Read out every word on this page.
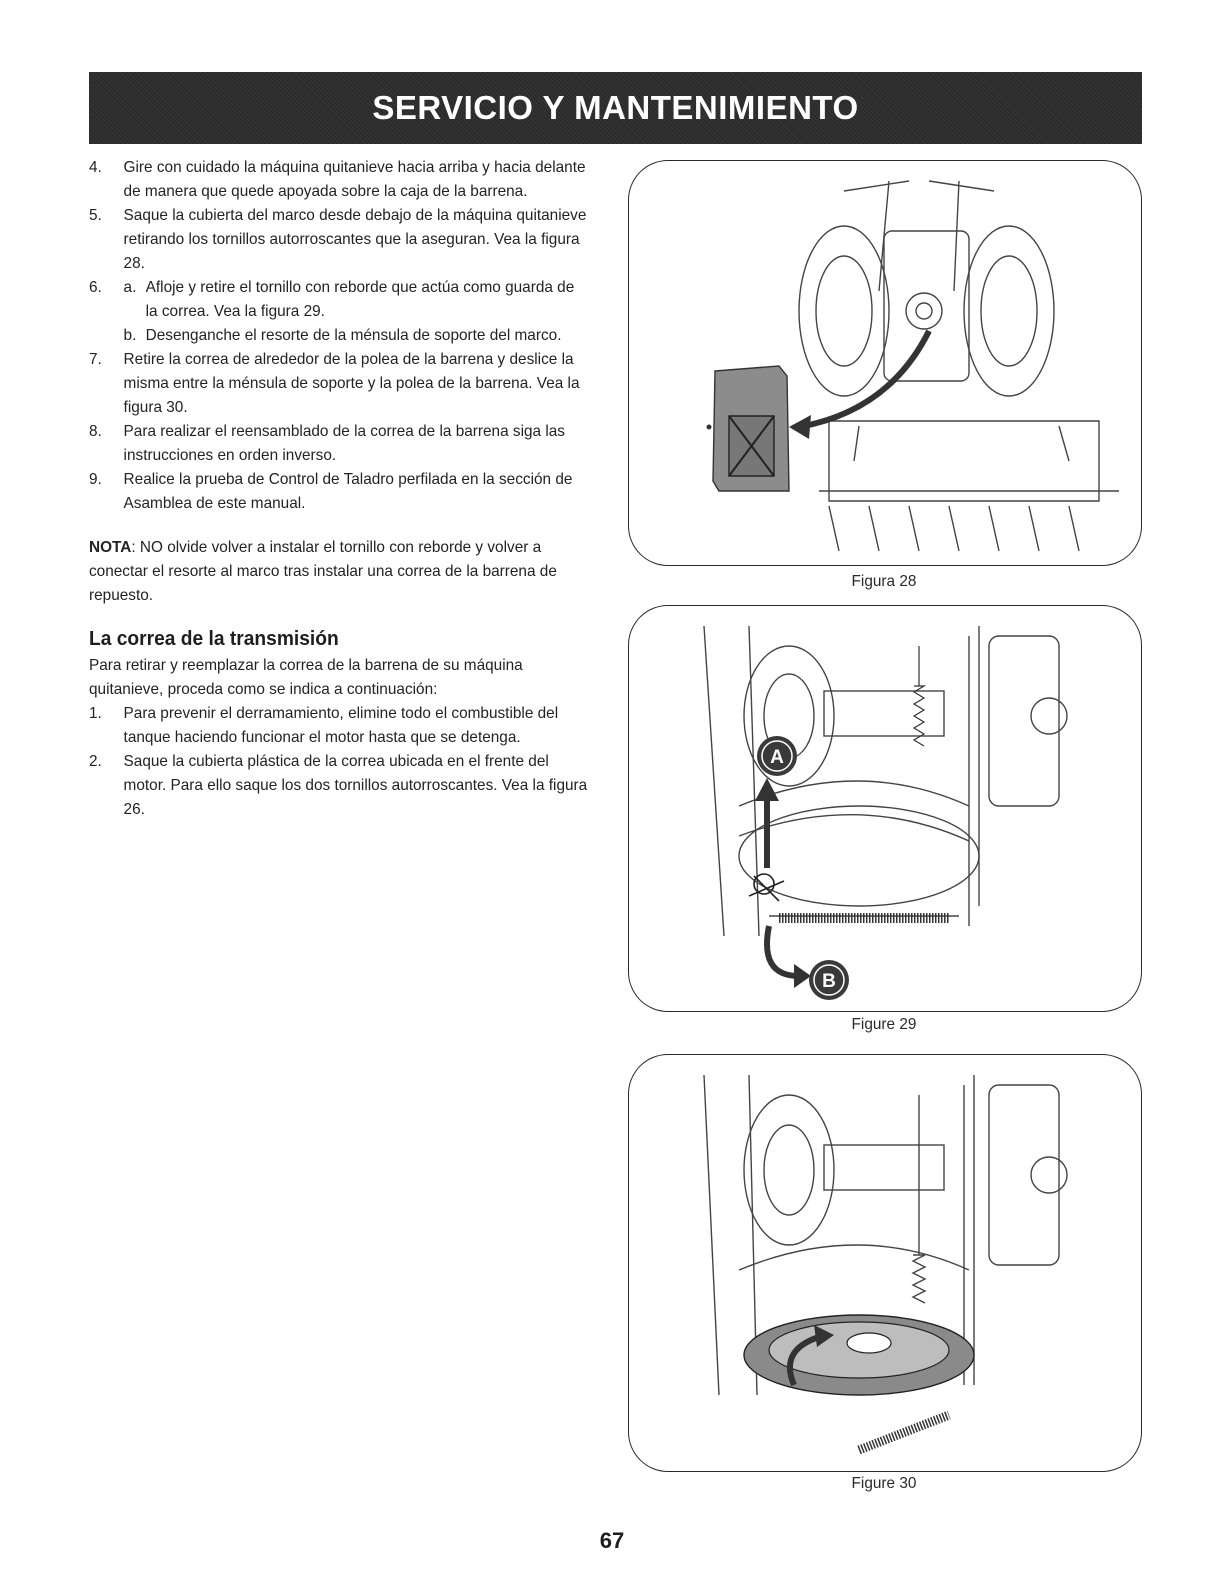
SERVICIO Y MANTENIMIENTO
4.	Gire con cuidado la máquina quitanieve hacia arriba y hacia delante de manera que quede apoyada sobre la caja de la barrena.
5.	Saque la cubierta del marco desde debajo de la máquina quitanieve retirando los tornillos autorroscantes que la aseguran. Vea la figura 28.
6.	a. Afloje y retire el tornillo con reborde que actúa como guarda de la correa. Vea la figura 29.
b. Desenganche el resorte de la ménsula de soporte del marco.
7.	Retire la correa de alrededor de la polea de la barrena y deslice la misma entre la ménsula de soporte y la polea de la barrena. Vea la figura 30.
8.	Para realizar el reensamblado de la correa de la barrena siga las instrucciones en orden inverso.
9.	Realice la prueba de Control de Taladro perfilada en la sección de Asamblea de este manual.

NOTA: NO olvide volver a instalar el tornillo con reborde y volver a conectar el resorte al marco tras instalar una correa de la barrena de repuesto.

La correa de la transmisión

Para retirar y reemplazar la correa de la barrena de su máquina quitanieve, proceda como se indica a continuación:

1.	Para prevenir el derramamiento, elimine todo el combustible del tanque haciendo funcionar el motor hasta que se detenga.
2.	Saque la cubierta plástica de la correa ubicada en el frente del motor. Para ello saque los dos tornillos autorroscantes. Vea la figura 26.
Figura 28
A
B
Figure 29
Figure 30
67
